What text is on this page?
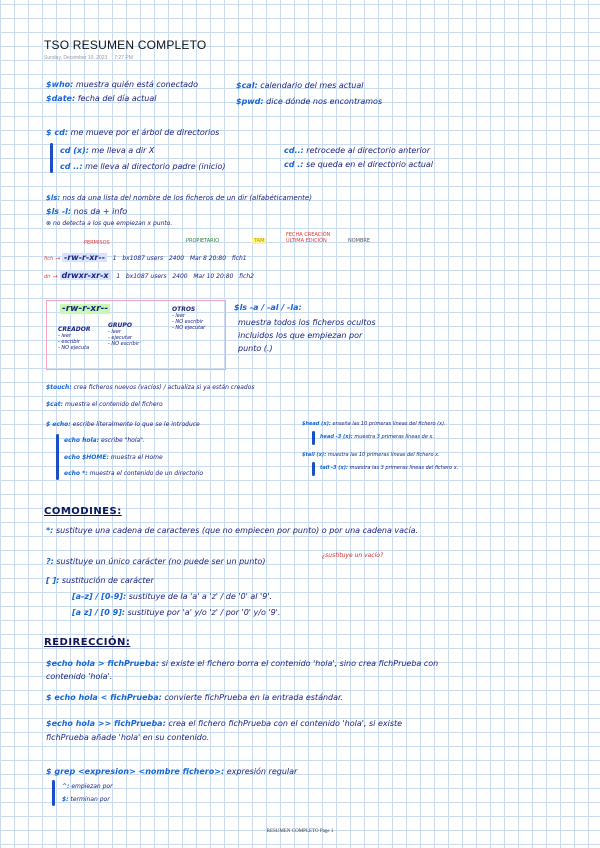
TSO RESUMEN COMPLETO
Sunday, December 10, 2023 7:27 PM
$who: muestra quién está conectado
$date: fecha del día actual
$cal: calendario del mes actual
$pwd: dice dónde nos encontramos
$ cd: me mueve por el árbol de directorios
cd (x): me lleva a dir X
cd ..: me lleva al directorio padre (inicio)
cd..: retrocede al directorio anterior
cd .: se queda en el directorio actual
$ls: nos da una lista del nombre de los ficheros de un dir (alfabéticamente)
$ls -l: nos da + info
⊗ no detecta a los que empiezan x punto.
PERMISOS	PROPIETARIO	TAM
FECHA CREACIÓN ÚLTIMA EDICIÓN	NOMBRE
fich → -rw-r-xr-- 1 bx1087 users 2400 Mar 8 20:80 fich1
dir → drwxr-xr-x 1 bx1087 users 2400 Mar 10 20:80 fich2
-rw-r-xr--
CREADOR
- leer
- escribir
- NO ejecuta
GRUPO
- leer
- ejecutar
- NO escribir
OTROS
- leer
- NO escribir
- NO ejecutar
$ls -a / -al / -la:
muestra todos los ficheros ocultos incluidos los que empiezan por punto (.)
$touch: crea ficheros nuevos (vacíos) / actualiza si ya están creados
$cat: muestra el contenido del fichero
$ echo: escribe literalmente lo que se le introduce
echo hola: escribe "hola".
echo $HOME: muestra el Home
echo *: muestra el contenido de un directorio
$head (x): enseña las 10 primeras líneas del fichero (x).
head -3 (x): muestra 3 primeras líneas de x.
$tail (x): muestra las 10 primeras líneas del fichero x.
tail -3 (x): muestra las 3 primeras líneas del fichero x.
COMODINES:
*: sustituye una cadena de caracteres (que no empiecen por punto) o por una cadena vacía.
?: sustituye un único carácter (no puede ser un punto)
¿sustituye un vacío?
[ ]: sustitución de carácter
[a-z] / [0-9]: sustituye de la 'a' a 'z' / de '0' al '9'.
[a z] / [0 9]: sustituye por 'a' y/o 'z' / por '0' y/o '9'.
REDIRECCIÓN:
$echo hola > fichPrueba: si existe el fichero borra el contenido 'hola', sino crea fichPrueba con contenido 'hola'.
$ echo hola < fichPrueba: convierte fichPrueba en la entrada estándar.
$echo hola >> fichPrueba: crea el fichero fichPrueba con el contenido 'hola', si existe fichPrueba añade 'hola' en su contenido.
$ grep <expresion> <nombre fichero>: expresión regular
^: empiezan por
$: terminan por
RESUMEN COMPLETO Page 1
